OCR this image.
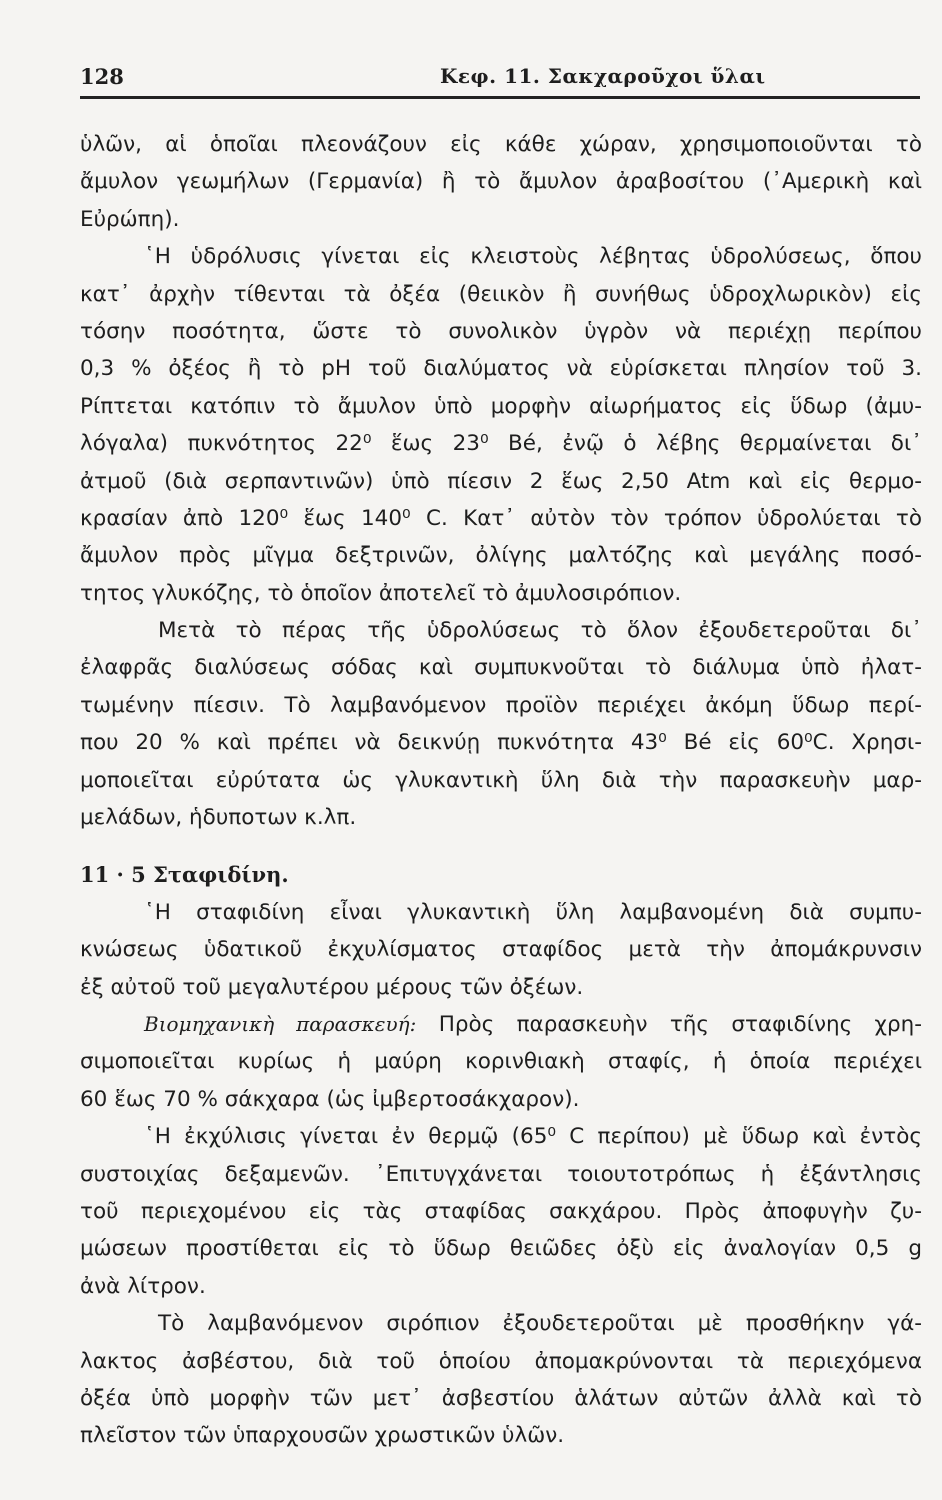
128	Κεφ. 11. Σακχαροῦχοι ὕλαι
ὑλῶν, αἱ ὁποῖαι πλεονάζουν εἰς κάθε χώραν, χρησιμοποιοῦνται τὸ
ἄμυλον γεωμήλων (Γερμανία) ἢ τὸ ἄμυλον ἀραβοσίτου (᾿Αμερικὴ καὶ
Εὐρώπη).
῾Η ὑδρόλυσις γίνεται εἰς κλειστοὺς λέβητας ὑδρολύσεως, ὅπου
κατ᾿ ἀρχὴν τίθενται τὰ ὀξέα (θειικὸν ἢ συνήθως ὑδροχλωρικὸν) εἰς
τόσην ποσότητα, ὥστε τὸ συνολικὸν ὑγρὸν νὰ περιέχῃ περίπου
0,3 % ὀξέος ἢ τὸ pH τοῦ διαλύματος νὰ εὑρίσκεται πλησίον τοῦ 3.
Ρίπτεται κατόπιν τὸ ἄμυλον ὑπὸ μορφὴν αἰωρήματος εἰς ὕδωρ (ἀμυ-
λόγαλα) πυκνότητος 22⁰ ἕως 23⁰ Bé, ἐνῷ ὁ λέβης θερμαίνεται δι᾿
ἀτμοῦ (διὰ σερπαντινῶν) ὑπὸ πίεσιν 2 ἕως 2,50 Atm καὶ εἰς θερμο-
κρασίαν ἀπὸ 120⁰ ἕως 140⁰ C. Κατ᾿ αὐτὸν τὸν τρόπον ὑδρολύεται τὸ
ἄμυλον πρὸς μῖγμα δεξτρινῶν, ὀλίγης μαλτόζης καὶ μεγάλης ποσό-
τητος γλυκόζης, τὸ ὁποῖον ἀποτελεῖ τὸ ἀμυλοσιρόπιον.
Μετὰ τὸ πέρας τῆς ὑδρολύσεως τὸ ὅλον ἐξουδετεροῦται δι᾿
ἐλαφρᾶς διαλύσεως σόδας καὶ συμπυκνοῦται τὸ διάλυμα ὑπὸ ἠλατ-
τωμένην πίεσιν. Τὸ λαμβανόμενον προϊὸν περιέχει ἀκόμη ὕδωρ περί-
που 20 % καὶ πρέπει νὰ δεικνύῃ πυκνότητα 43⁰ Bé εἰς 60⁰C. Χρησι-
μοποιεῖται εὐρύτατα ὡς γλυκαντικὴ ὕλη διὰ τὴν παρασκευὴν μαρ-
μελάδων, ἡδυποτων κ.λπ.
11 · 5 Σταφιδίνη.
῾Η σταφιδίνη εἶναι γλυκαντικὴ ὕλη λαμβανομένη διὰ συμπυ-
κνώσεως ὑδατικοῦ ἐκχυλίσματος σταφίδος μετὰ τὴν ἀπομάκρυνσιν
ἐξ αὐτοῦ τοῦ μεγαλυτέρου μέρους τῶν ὀξέων.
Βιομηχανικὴ παρασκευή: Πρὸς παρασκευὴν τῆς σταφιδίνης χρη-
σιμοποιεῖται κυρίως ἡ μαύρη κορινθιακὴ σταφίς, ἡ ὁποία περιέχει
60 ἕως 70 % σάκχαρα (ὡς ἰμβερτοσάκχαρον).
῾Η ἐκχύλισις γίνεται ἐν θερμῷ (65⁰ C περίπου) μὲ ὕδωρ καὶ ἐντὸς
συστοιχίας δεξαμενῶν. ᾿Επιτυγχάνεται τοιουτοτρόπως ἡ ἐξάντλησις
τοῦ περιεχομένου εἰς τὰς σταφίδας σακχάρου. Πρὸς ἀποφυγὴν ζυ-
μώσεων προστίθεται εἰς τὸ ὕδωρ θειῶδες ὀξὺ εἰς ἀναλογίαν 0,5 g
ἀνὰ λίτρον.
Τὸ λαμβανόμενον σιρόπιον ἐξουδετεροῦται μὲ προσθήκην γά-
λακτος ἀσβέστου, διὰ τοῦ ὁποίου ἀπομακρύνονται τὰ περιεχόμενα
ὀξέα ὑπὸ μορφὴν τῶν μετ᾿ ἀσβεστίου ἁλάτων αὐτῶν ἀλλὰ καὶ τὸ
πλεῖστον τῶν ὑπαρχουσῶν χρωστικῶν ὑλῶν.
